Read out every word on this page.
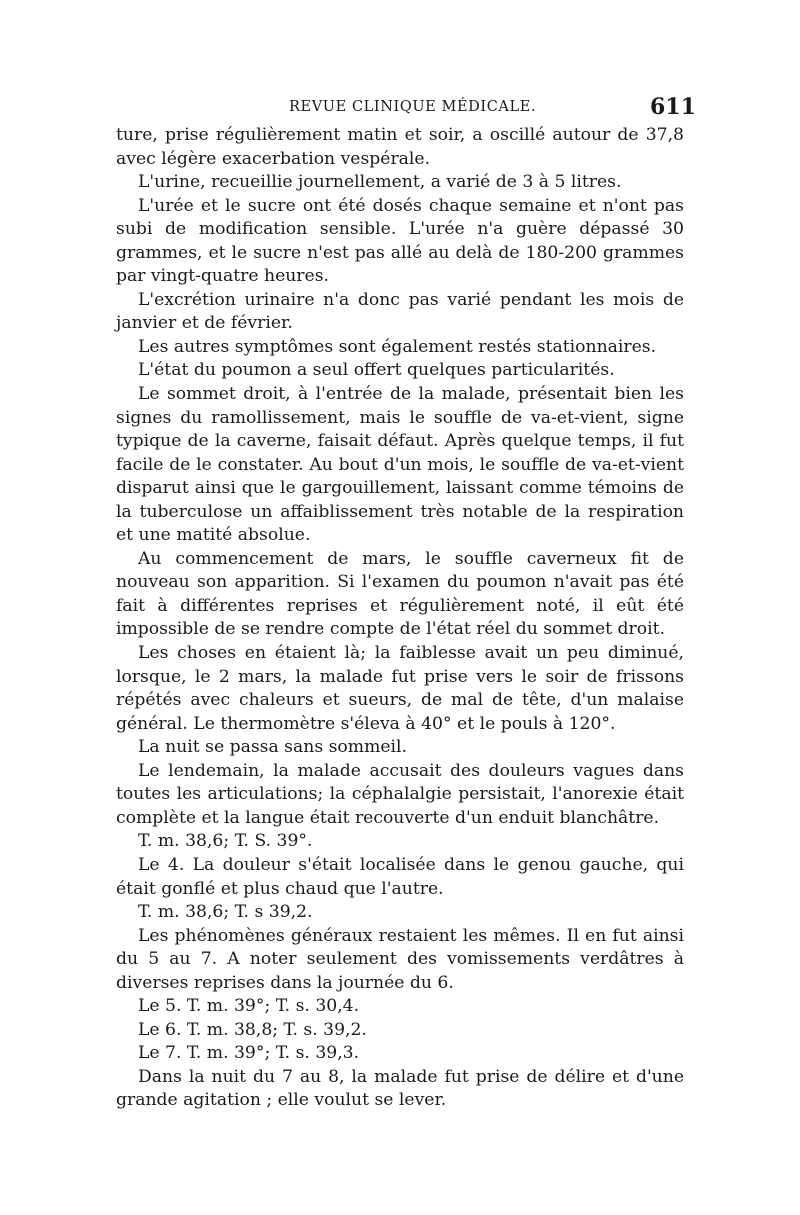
REVUE CLINIQUE MÉDICALE.	611

ture, prise régulièrement matin et soir, a oscillé autour de 37,8 avec légère exacerbation vespérale.

L'urine, recueillie journellement, a varié de 3 à 5 litres.

L'urée et le sucre ont été dosés chaque semaine et n'ont pas subi de modification sensible. L'urée n'a guère dépassé 30 grammes, et le sucre n'est pas allé au delà de 180-200 grammes par vingt-quatre heures.

L'excrétion urinaire n'a donc pas varié pendant les mois de janvier et de février.

Les autres symptômes sont également restés stationnaires.

L'état du poumon a seul offert quelques particularités.

Le sommet droit, à l'entrée de la malade, présentait bien les signes du ramollissement, mais le souffle de va-et-vient, signe typique de la caverne, faisait défaut. Après quelque temps, il fut facile de le constater. Au bout d'un mois, le souffle de va-et-vient disparut ainsi que le gargouillement, laissant comme témoins de la tuberculose un affaiblissement très notable de la respiration et une matité absolue.

Au commencement de mars, le souffle caverneux fit de nouveau son apparition. Si l'examen du poumon n'avait pas été fait à différentes reprises et régulièrement noté, il eût été impossible de se rendre compte de l'état réel du sommet droit.

Les choses en étaient là; la faiblesse avait un peu diminué, lorsque, le 2 mars, la malade fut prise vers le soir de frissons répétés avec chaleurs et sueurs, de mal de tête, d'un malaise général. Le thermomètre s'éleva à 40° et le pouls à 120°.

La nuit se passa sans sommeil.

Le lendemain, la malade accusait des douleurs vagues dans toutes les articulations; la céphalalgie persistait, l'anorexie était complète et la langue était recouverte d'un enduit blanchâtre.

T. m. 38,6; T. S. 39°.

Le 4. La douleur s'était localisée dans le genou gauche, qui était gonflé et plus chaud que l'autre.

T. m. 38,6; T. s 39,2.

Les phénomènes généraux restaient les mêmes. Il en fut ainsi du 5 au 7. A noter seulement des vomissements verdâtres à diverses reprises dans la journée du 6.

Le 5. T. m. 39°; T. s. 30,4.

Le 6. T. m. 38,8; T. s. 39,2.

Le 7. T. m. 39°; T. s. 39,3.

Dans la nuit du 7 au 8, la malade fut prise de délire et d'une grande agitation ; elle voulut se lever.
